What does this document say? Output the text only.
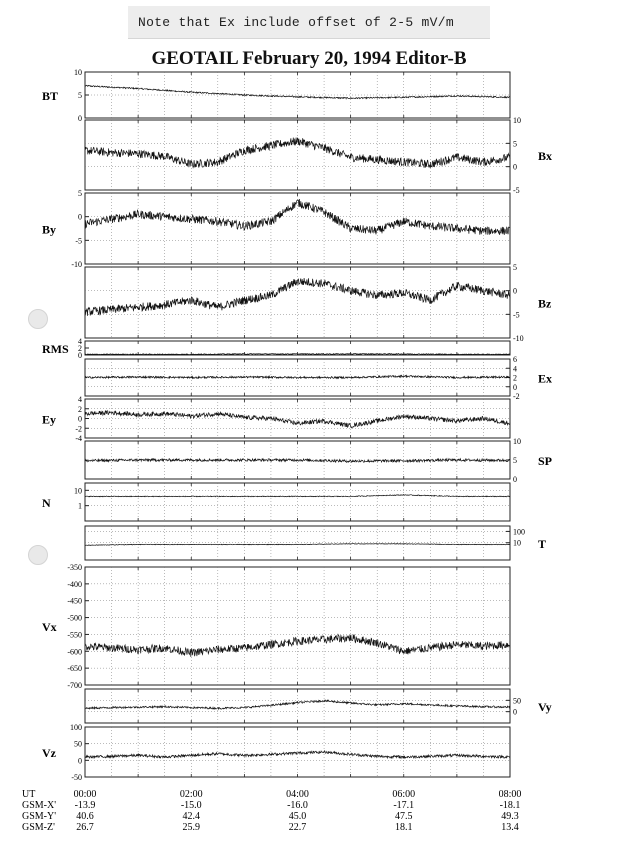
Note that Ex include offset of 2-5 mV/m
GEOTAIL February 20, 1994 Editor-B
10
5
0
BT
10
5
0
-5
Bx
5
0
-5
-10
By
5
0
-5
-10
Bz
4
2
0
RMS
6
4
2
0
-2
Ex
4
2
0
-2
-4
Ey
10
5
0
SP
10
1
N
100
10 T
-350
-400
-450
-500
-550
-600
-650
-700
Vx
50
0 Vy
100
50
0
-50
Vz
UT	00:00	02:00	04:00	06:00	08:00
GSM-X' -13.9	-15.0	-16.0	-17.1	-18.1
GSM-Y' 40.6	42.4	45.0	47.5	49.3
GSM-Z' 26.7	25.9	22.7	18.1	13.4
